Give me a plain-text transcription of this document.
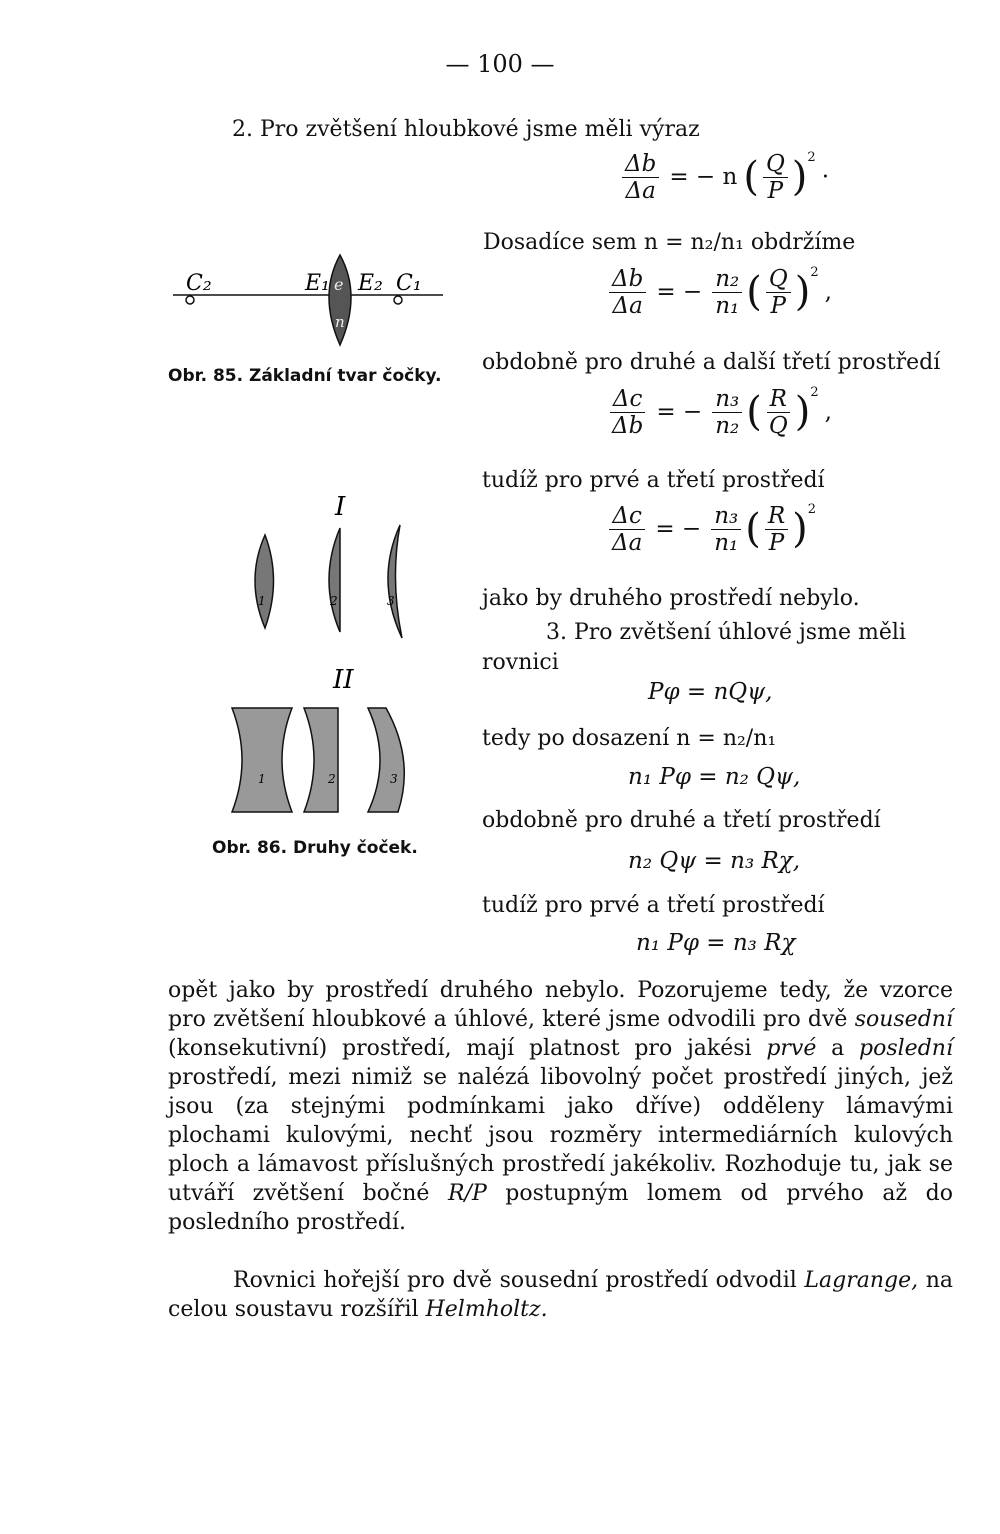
— 100 —
2. Pro zvětšení hloubkové jsme měli výraz
$\frac{\Delta b}{\Delta a}$ = − n ( $\frac{Q}{P} )^2\cdot$
Dosadíce sem n = n₂/n₁ obdržíme
$\frac{\Delta b}{\Delta a}$ = − $\frac{\text{n₂}}{\text{n₁}}$ ( $\frac{Q}{P} )^2$,
obdobně pro druhé a další třetí prostředí
$\frac{\Delta c}{\Delta b}$ = − $\frac{\text{n₃}}{\text{n₂}}$ ( $\frac{R}{Q} )^2$,
tudíž pro prvé a třetí prostředí
$\frac{\Delta c}{\Delta a}$ = − $\frac{\text{n₃}}{\text{n₁}}$ ( $\frac{R}{P} )^2$
jako by druhého prostředí nebylo.
3. Pro zvětšení úhlové jsme měli
rovnici
Pφ = nQψ,
tedy po dosazení n = n₂/n₁
n₁ Pφ = n₂ Qψ,
obdobně pro druhé a třetí prostředí
n₂ Qψ = n₃ Rχ,
tudíž pro prvé a třetí prostředí
n₁ Pφ = n₃ Rχ
C₂	E₁ e E₂ C₁
n
Obr. 85. Základní tvar čočky.
I
1	2	3
II
1	2	3
Obr. 86. Druhy čoček.

opět jako by prostředí druhého nebylo. Pozorujeme tedy, že vzorce pro zvětšení hloubkové a úhlové, které jsme odvodili pro dvě sousední (konsekutivní) prostředí, mají platnost pro jakési prvé a poslední prostředí, mezi nimiž se nalézá libovolný počet prostředí jiných, jež jsou (za stejnými podmínkami jako dříve) odděleny lámavými plochami kulovými, nechť jsou rozměry intermediárních kulových ploch a lámavost příslušných prostředí jakékoliv. Rozhoduje tu, jak se utváří zvětšení bočné R/P postupným lomem od prvého až do posledního prostředí.

Rovnici hořejší pro dvě sousední prostředí odvodil Lagrange, na celou soustavu rozšířil Helmholtz.
